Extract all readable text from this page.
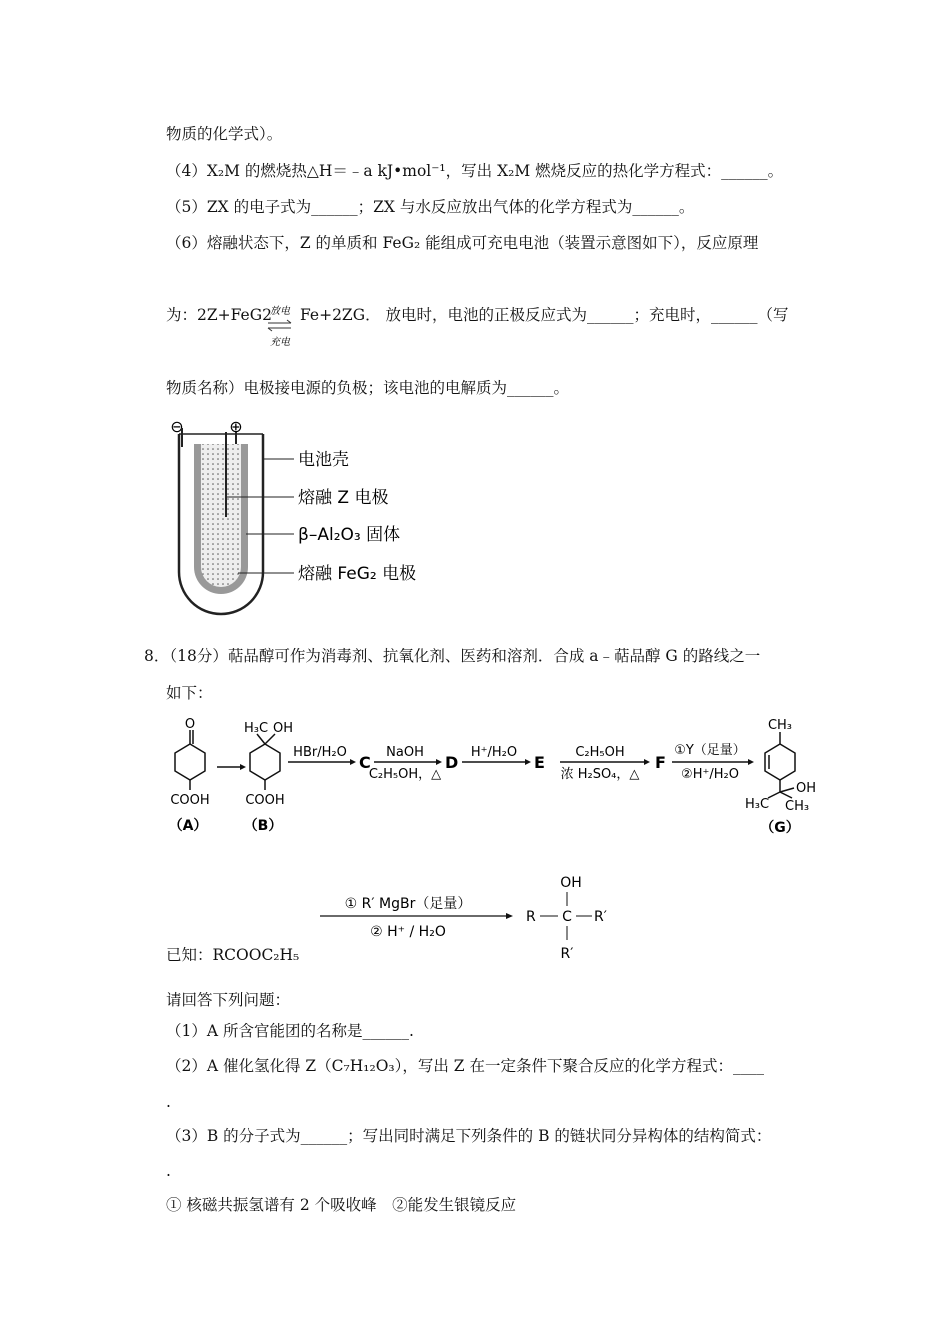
物质的化学式）。
（4）X₂M 的燃烧热△H＝﹣a kJ•mol⁻¹，写出 X₂M 燃烧反应的热化学方程式：______。
（5）ZX 的电子式为______；ZX 与水反应放出气体的化学方程式为______。
（6）熔融状态下，Z 的单质和 FeG₂ 能组成可充电电池（装置示意图如下），反应原理
为：2Z+FeG2
放电
充电
Fe+2ZG． 放电时，电池的正极反应式为______；充电时，______（写
物质名称）电极接电源的负极；该电池的电解质为______。
⊖	⊕
电池壳
熔融 Z 电极
β–Al₂O₃ 固体
熔融 FeG₂ 电极
8．（18分）萜品醇可作为消毒剂、抗氧化剂、医药和溶剂．合成 a﹣萜品醇 G 的路线之一
如下：
O
COOH
（A）
H₃C OH
COOH
（B）
HBr/H₂O
C
NaOH
C₂H₅OH，△
D
H⁺/H₂O
E
C₂H₅OH
浓 H₂SO₄，△
F
①Y（足量）
②H⁺/H₂O
CH₃
OH
H₃C CH₃
（G）
已知：RCOOC₂H₅
① R′ MgBr（足量）
② H⁺ / H₂O
OH
R C R′
R′
请回答下列问题：
（1）A 所含官能团的名称是______.
（2）A 催化氢化得 Z（C₇H₁₂O₃），写出 Z 在一定条件下聚合反应的化学方程式：____
.
（3）B 的分子式为______；写出同时满足下列条件的 B 的链状同分异构体的结构简式：
.
① 核磁共振氢谱有 2 个吸收峰　②能发生银镜反应
